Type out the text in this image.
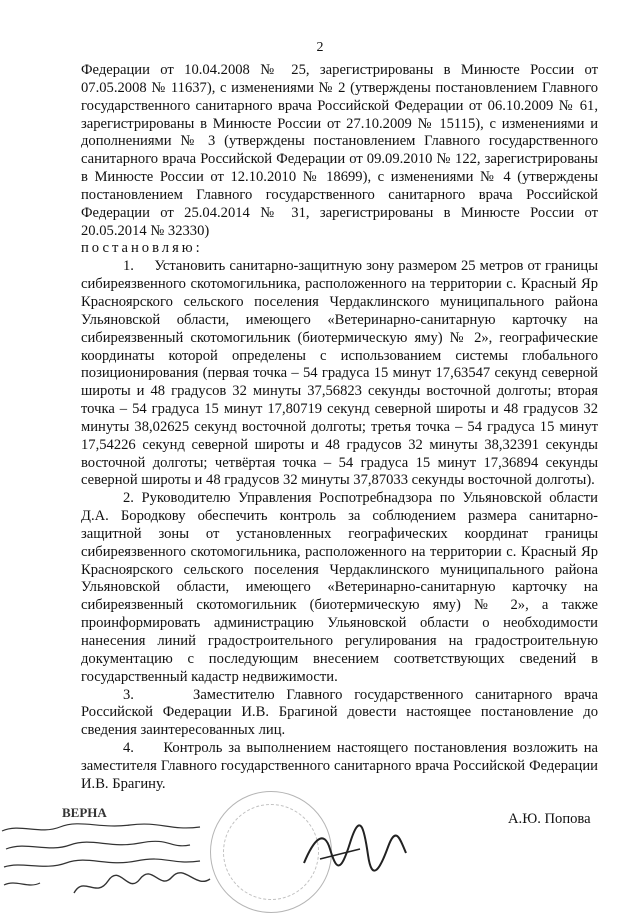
2

Федерации от 10.04.2008 № 25, зарегистрированы в Минюсте России от 07.05.2008 № 11637), с изменениями № 2 (утверждены постановлением Главного государственного санитарного врача Российской Федерации от 06.10.2009 № 61, зарегистрированы в Минюсте России от 27.10.2009 № 15115), с изменениями и дополнениями № 3 (утверждены постановлением Главного государственного санитарного врача Российской Федерации от 09.09.2010 № 122, зарегистрированы в Минюсте России от 12.10.2010 № 18699), с изменениями № 4 (утверждены постановлением Главного государственного санитарного врача Российской Федерации от 25.04.2014 № 31, зарегистрированы в Минюсте России от 20.05.2014 № 32330)

постановляю:

1.     Установить санитарно-защитную зону размером 25 метров от границы сибиреязвенного скотомогильника, расположенного на территории с. Красный Яр Красноярского сельского поселения Чердаклинского муниципального района Ульяновской области, имеющего «Ветеринарно-санитарную карточку на сибиреязвенный скотомогильник (биотермическую яму) № 2», географические координаты которой определены с использованием системы глобального позиционирования (первая точка – 54 градуса 15 минут 17,63547 секунд северной широты и 48 градусов 32 минуты 37,56823 секунды восточной долготы; вторая точка – 54 градуса 15 минут 17,80719 секунд северной широты и 48 градусов 32 минуты 38,02625 секунд восточной долготы; третья точка – 54 градуса 15 минут 17,54226 секунд северной широты и 48 градусов 32 минуты 38,32391 секунды восточной долготы; четвёртая точка – 54 градуса 15 минут 17,36894 секунды северной широты и 48 градусов 32 минуты 37,87033 секунды восточной долготы).

2. Руководителю Управления Роспотребнадзора по Ульяновской области Д.А. Бородкову обеспечить контроль за соблюдением размера санитарно-защитной зоны от установленных географических координат границы сибиреязвенного скотомогильника, расположенного на территории с. Красный Яр Красноярского сельского поселения Чердаклинского муниципального района Ульяновской области, имеющего «Ветеринарно-санитарную карточку на сибиреязвенный скотомогильник (биотермическую яму) № 2», а также проинформировать администрацию Ульяновской области о необходимости нанесения линий градостроительного регулирования на градостроительную документацию с последующим внесением соответствующих сведений в государственный кадастр недвижимости.

3.     Заместителю Главного государственного санитарного врача Российской Федерации И.В. Брагиной довести настоящее постановление до сведения заинтересованных лиц.

4.     Контроль за выполнением настоящего постановления возложить на заместителя Главного государственного санитарного врача Российской Федерации И.В. Брагину.

ВЕРНА	А.Ю. Попова
